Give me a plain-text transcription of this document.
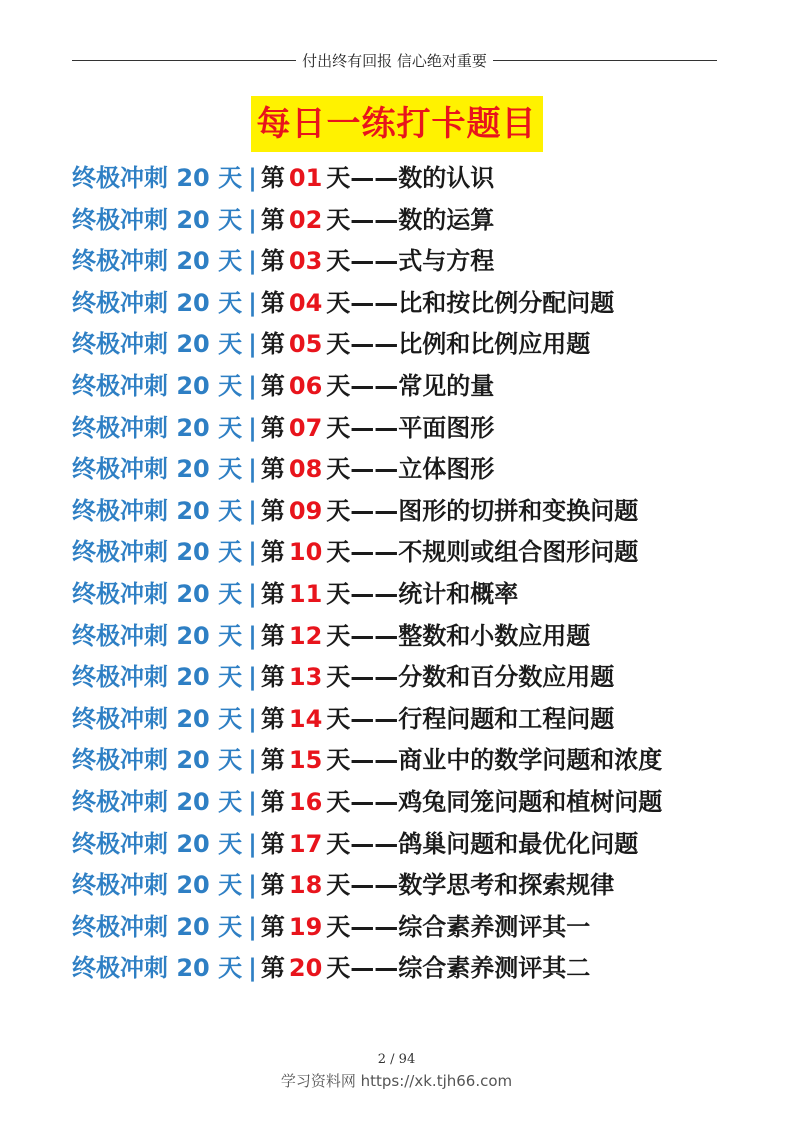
付出终有回报 信心绝对重要
每日一练打卡题目
终极冲刺 20 天 | 第 01 天——数的认识
终极冲刺 20 天 | 第 02 天——数的运算
终极冲刺 20 天 | 第 03 天——式与方程
终极冲刺 20 天 | 第 04 天——比和按比例分配问题
终极冲刺 20 天 | 第 05 天——比例和比例应用题
终极冲刺 20 天 | 第 06 天——常见的量
终极冲刺 20 天 | 第 07 天——平面图形
终极冲刺 20 天 | 第 08 天——立体图形
终极冲刺 20 天 | 第 09 天——图形的切拼和变换问题
终极冲刺 20 天 | 第 10 天——不规则或组合图形问题
终极冲刺 20 天 | 第 11 天——统计和概率
终极冲刺 20 天 | 第 12 天——整数和小数应用题
终极冲刺 20 天 | 第 13 天——分数和百分数应用题
终极冲刺 20 天 | 第 14 天——行程问题和工程问题
终极冲刺 20 天 | 第 15 天——商业中的数学问题和浓度
终极冲刺 20 天 | 第 16 天——鸡兔同笼问题和植树问题
终极冲刺 20 天 | 第 17 天——鸽巢问题和最优化问题
终极冲刺 20 天 | 第 18 天——数学思考和探索规律
终极冲刺 20 天 | 第 19 天——综合素养测评其一
终极冲刺 20 天 | 第 20 天——综合素养测评其二
2 / 94
学习资料网 https://xk.tjh66.com
